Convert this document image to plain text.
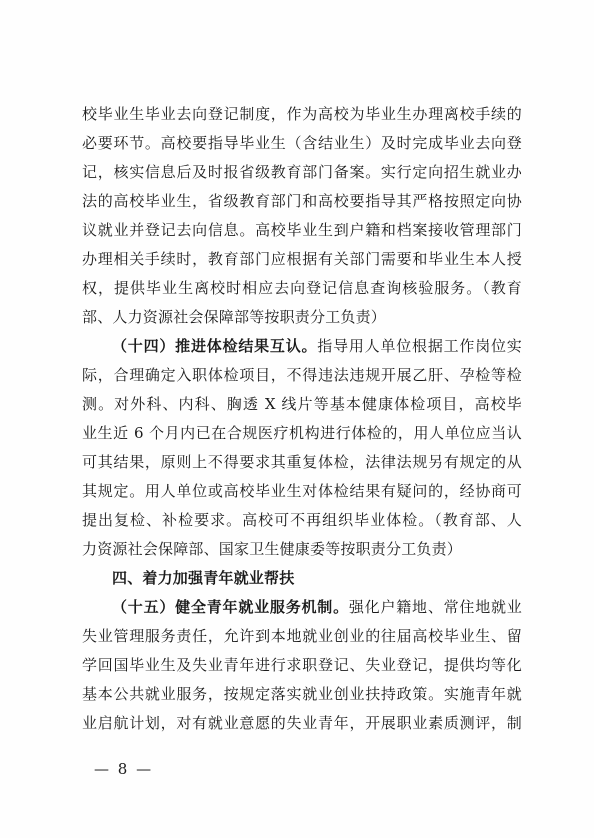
校毕业生毕业去向登记制度，作为高校为毕业生办理离校手续的
必要环节。高校要指导毕业生（含结业生）及时完成毕业去向登
记，核实信息后及时报省级教育部门备案。实行定向招生就业办
法的高校毕业生，省级教育部门和高校要指导其严格按照定向协
议就业并登记去向信息。高校毕业生到户籍和档案接收管理部门
办理相关手续时，教育部门应根据有关部门需要和毕业生本人授
权，提供毕业生离校时相应去向登记信息查询核验服务。（教育
部、人力资源社会保障部等按职责分工负责）
（十四）推进体检结果互认。指导用人单位根据工作岗位实
际，合理确定入职体检项目，不得违法违规开展乙肝、孕检等检
测。对外科、内科、胸透 X 线片等基本健康体检项目，高校毕
业生近 6 个月内已在合规医疗机构进行体检的，用人单位应当认
可其结果，原则上不得要求其重复体检，法律法规另有规定的从
其规定。用人单位或高校毕业生对体检结果有疑问的，经协商可
提出复检、补检要求。高校可不再组织毕业体检。（教育部、人
力资源社会保障部、国家卫生健康委等按职责分工负责）
四、着力加强青年就业帮扶
（十五）健全青年就业服务机制。强化户籍地、常住地就业
失业管理服务责任，允许到本地就业创业的往届高校毕业生、留
学回国毕业生及失业青年进行求职登记、失业登记，提供均等化
基本公共就业服务，按规定落实就业创业扶持政策。实施青年就
业启航计划，对有就业意愿的失业青年，开展职业素质测评，制
— 8 —
